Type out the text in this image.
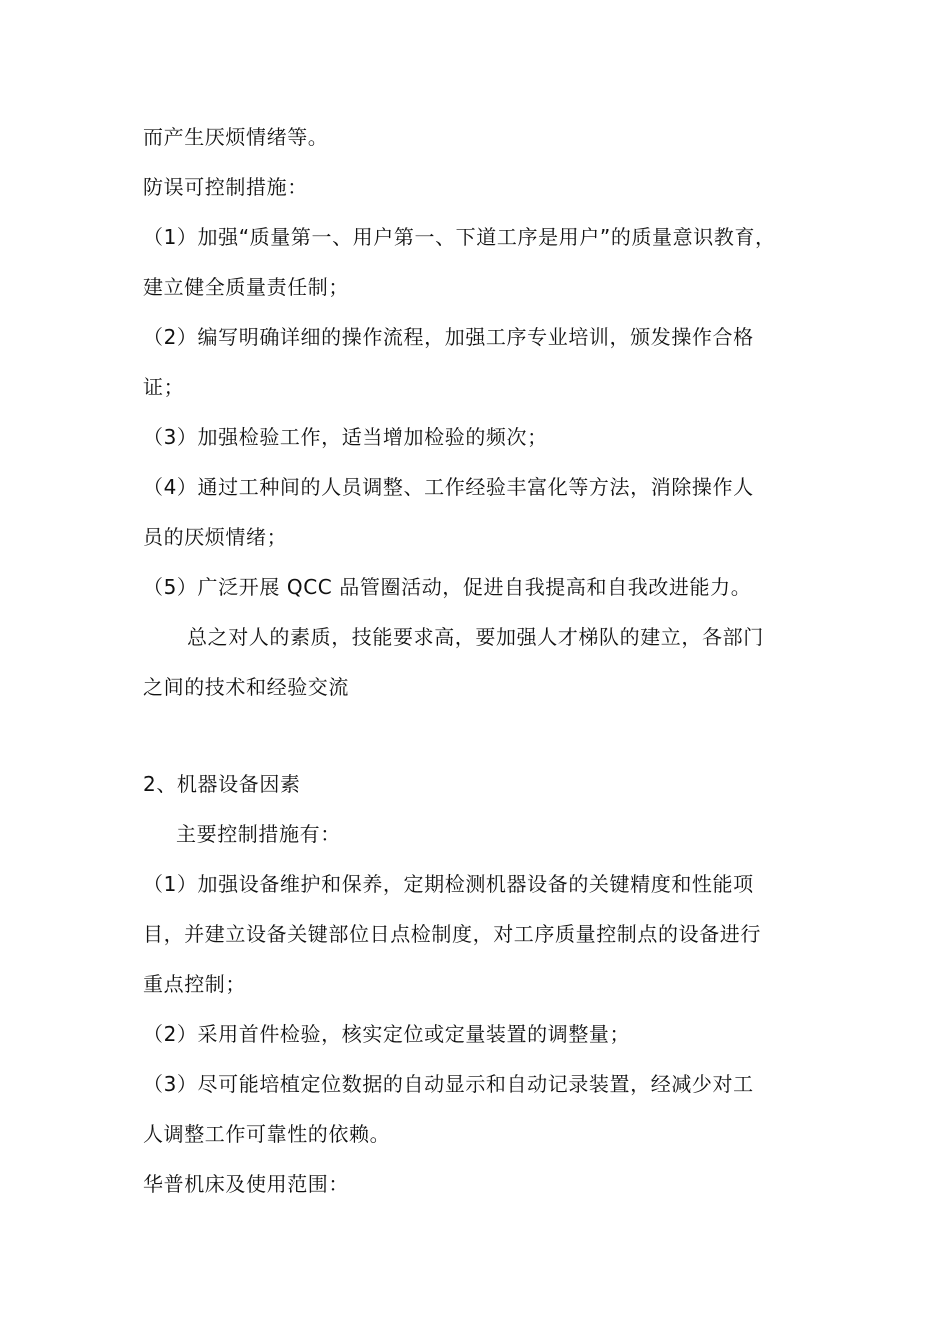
而产生厌烦情绪等。
防误可控制措施：
（1）加强“质量第一、用户第一、下道工序是用户”的质量意识教育，
建立健全质量责任制；
（2）编写明确详细的操作流程，加强工序专业培训，颁发操作合格
证；
（3）加强检验工作，适当增加检验的频次；
（4）通过工种间的人员调整、工作经验丰富化等方法，消除操作人
员的厌烦情绪；
（5）广泛开展 QCC 品管圈活动，促进自我提高和自我改进能力。
总之对人的素质，技能要求高，要加强人才梯队的建立，各部门
之间的技术和经验交流
2、机器设备因素
主要控制措施有：
（1）加强设备维护和保养，定期检测机器设备的关键精度和性能项
目，并建立设备关键部位日点检制度，对工序质量控制点的设备进行
重点控制；
（2）采用首件检验，核实定位或定量装置的调整量；
（3）尽可能培植定位数据的自动显示和自动记录装置，经减少对工
人调整工作可靠性的依赖。
华普机床及使用范围：
